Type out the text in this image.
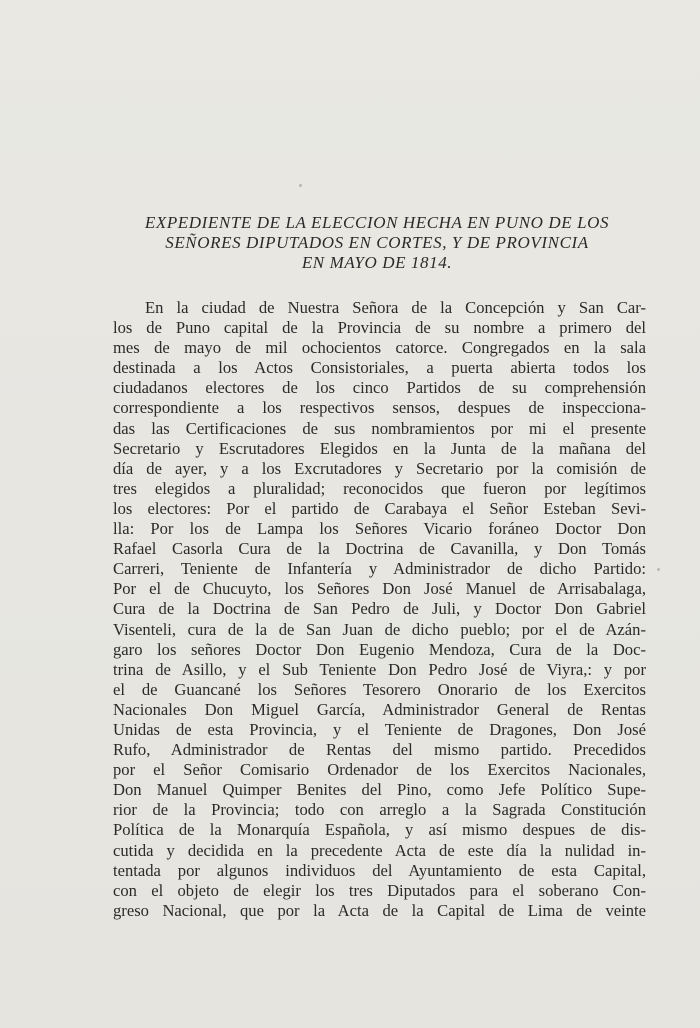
EXPEDIENTE DE LA ELECCION HECHA EN PUNO DE LOS
SEÑORES DIPUTADOS EN CORTES, Y DE PROVINCIA
EN MAYO DE 1814.
En la ciudad de Nuestra Señora de la Concepción y San Car-
los de Puno capital de la Provincia de su nombre a primero del
mes de mayo de mil ochocientos catorce. Congregados en la sala
destinada a los Actos Consistoriales, a puerta abierta todos los
ciudadanos electores de los cinco Partidos de su comprehensión
correspondiente a los respectivos sensos, despues de inspecciona-
das las Certificaciones de sus nombramientos por mi el presente
Secretario y Escrutadores Elegidos en la Junta de la mañana del
día de ayer, y a los Excrutadores y Secretario por la comisión de
tres elegidos a pluralidad; reconocidos que fueron por legítimos
los electores: Por el partido de Carabaya el Señor Esteban Sevi-
lla: Por los de Lampa los Señores Vicario foráneo Doctor Don
Rafael Casorla Cura de la Doctrina de Cavanilla, y Don Tomás
Carreri, Teniente de Infantería y Administrador de dicho Partido:
Por el de Chucuyto, los Señores Don José Manuel de Arrisabalaga,
Cura de la Doctrina de San Pedro de Juli, y Doctor Don Gabriel
Visenteli, cura de la de San Juan de dicho pueblo; por el de Azán-
garo los señores Doctor Don Eugenio Mendoza, Cura de la Doc-
trina de Asillo, y el Sub Teniente Don Pedro José de Viyra,: y por
el de Guancané los Señores Tesorero Onorario de los Exercitos
Nacionales Don Miguel García, Administrador General de Rentas
Unidas de esta Provincia, y el Teniente de Dragones, Don José
Rufo, Administrador de Rentas del mismo partido. Precedidos
por el Señor Comisario Ordenador de los Exercitos Nacionales,
Don Manuel Quimper Benites del Pino, como Jefe Político Supe-
rior de la Provincia; todo con arreglo a la Sagrada Constitución
Política de la Monarquía Española, y así mismo despues de dis-
cutida y decidida en la precedente Acta de este día la nulidad in-
tentada por algunos individuos del Ayuntamiento de esta Capital,
con el objeto de elegir los tres Diputados para el soberano Con-
greso Nacional, que por la Acta de la Capital de Lima de veinte
